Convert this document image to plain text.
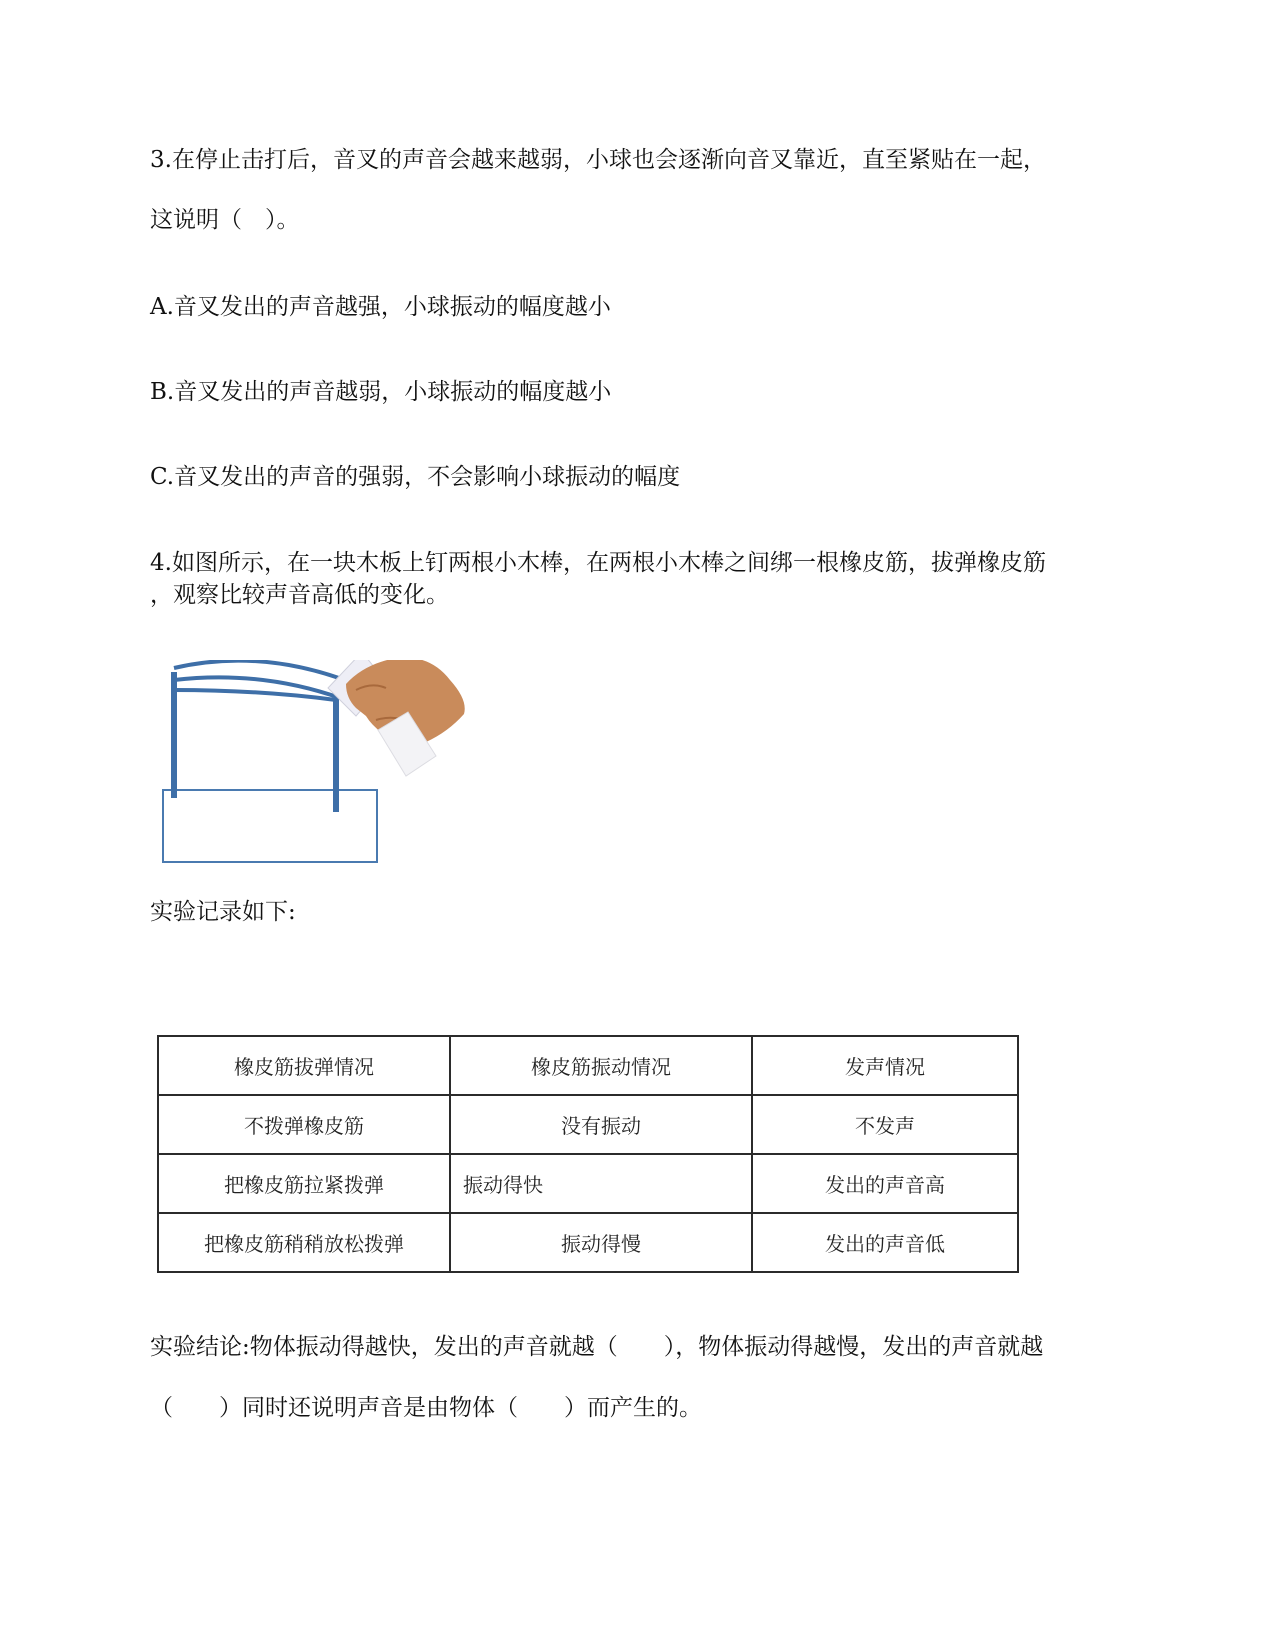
3.在停止击打后，音叉的声音会越来越弱，小球也会逐渐向音叉靠近，直至紧贴在一起，
这说明（　）。
A.音叉发出的声音越强，小球振动的幅度越小
B.音叉发出的声音越弱，小球振动的幅度越小
C.音叉发出的声音的强弱，不会影响小球振动的幅度
4.如图所示，在一块木板上钉两根小木棒，在两根小木棒之间绑一根橡皮筋，拔弹橡皮筋
，观察比较声音高低的变化。
实验记录如下:
橡皮筋拔弹情况	橡皮筋振动情况	发声情况
不拨弹橡皮筋	没有振动	不发声
把橡皮筋拉紧拨弹	振动得快	发出的声音高
把橡皮筋稍稍放松拨弹	振动得慢	发出的声音低
实验结论:物体振动得越快，发出的声音就越（　　），物体振动得越慢，发出的声音就越
（　　）同时还说明声音是由物体（　　）而产生的。
